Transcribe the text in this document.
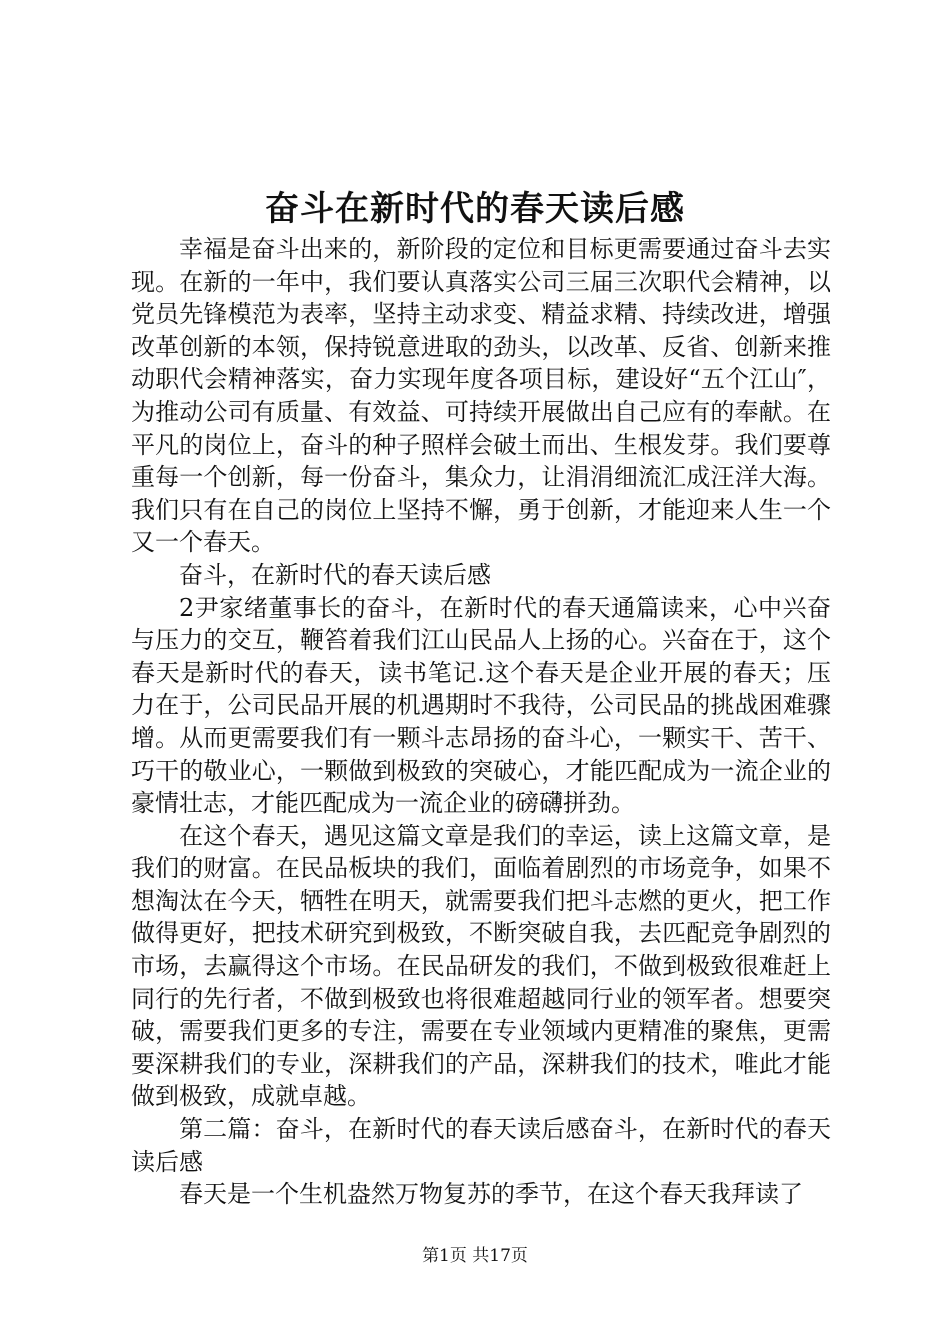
奋斗在新时代的春天读后感

幸福是奋斗出来的，新阶段的定位和目标更需要通过奋斗去实现。在新的一年中，我们要认真落实公司三届三次职代会精神，以党员先锋模范为表率，坚持主动求变、精益求精、持续改进，增强改革创新的本领，保持锐意进取的劲头，以改革、反省、创新来推动职代会精神落实，奋力实现年度各项目标，建设好“五个江山″，为推动公司有质量、有效益、可持续开展做出自己应有的奉献。在平凡的岗位上，奋斗的种子照样会破土而出、生根发芽。我们要尊重每一个创新，每一份奋斗，集众力，让涓涓细流汇成汪洋大海。我们只有在自己的岗位上坚持不懈，勇于创新，才能迎来人生一个又一个春天。

奋斗，在新时代的春天读后感

2尹家绪董事长的奋斗，在新时代的春天通篇读来，心中兴奋与压力的交互，鞭笞着我们江山民品人上扬的心。兴奋在于，这个春天是新时代的春天，读书笔记.这个春天是企业开展的春天；压力在于，公司民品开展的机遇期时不我待，公司民品的挑战困难骤增。从而更需要我们有一颗斗志昂扬的奋斗心，一颗实干、苦干、巧干的敬业心，一颗做到极致的突破心，才能匹配成为一流企业的豪情壮志，才能匹配成为一流企业的磅礴拼劲。

在这个春天，遇见这篇文章是我们的幸运，读上这篇文章，是我们的财富。在民品板块的我们，面临着剧烈的市场竞争，如果不想淘汰在今天，牺牲在明天，就需要我们把斗志燃的更火，把工作做得更好，把技术研究到极致，不断突破自我，去匹配竞争剧烈的市场，去赢得这个市场。在民品研发的我们，不做到极致很难赶上同行的先行者，不做到极致也将很难超越同行业的领军者。想要突破，需要我们更多的专注，需要在专业领域内更精准的聚焦，更需要深耕我们的专业，深耕我们的产品，深耕我们的技术，唯此才能做到极致，成就卓越。

第二篇：奋斗，在新时代的春天读后感奋斗，在新时代的春天读后感

春天是一个生机盎然万物复苏的季节，在这个春天我拜读了

第1页 共17页
